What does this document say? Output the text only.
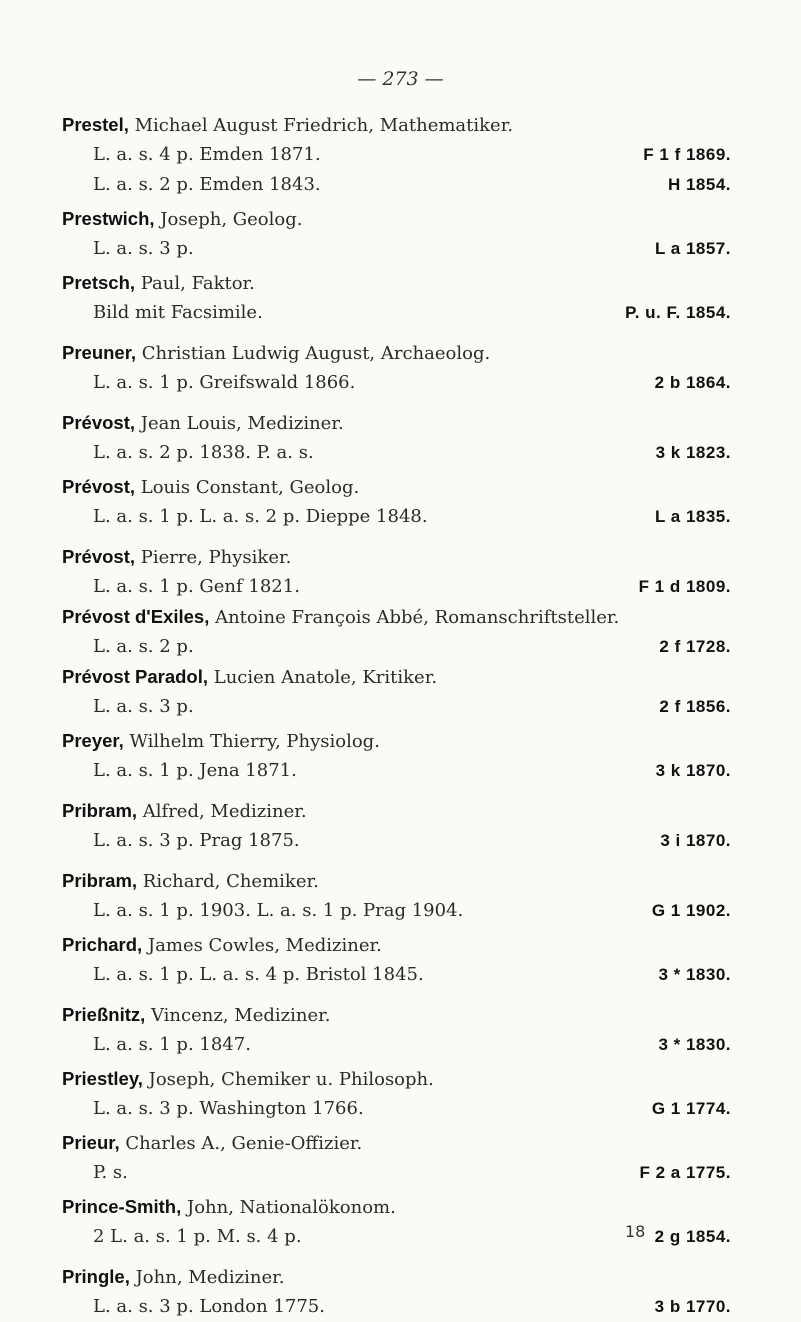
— 273 —
Prestel, Michael August Friedrich, Mathematiker.
L. a. s. 4 p. Emden 1871.	F 1 f 1869.
L. a. s. 2 p. Emden 1843.	H 1854.
Prestwich, Joseph, Geolog.
L. a. s. 3 p.	L a 1857.
Pretsch, Paul, Faktor.
Bild mit Facsimile.	P. u. F. 1854.
Preuner, Christian Ludwig August, Archaeolog.
L. a. s. 1 p. Greifswald 1866.	2 b 1864.
Prévost, Jean Louis, Mediziner.
L. a. s. 2 p. 1838. P. a. s.	3 k 1823.
Prévost, Louis Constant, Geolog.
L. a. s. 1 p. L. a. s. 2 p. Dieppe 1848.	L a 1835.
Prévost, Pierre, Physiker.
L. a. s. 1 p. Genf 1821.	F 1 d 1809.
Prévost d'Exiles, Antoine François Abbé, Romanschriftsteller.
L. a. s. 2 p.	2 f 1728.
Prévost Paradol, Lucien Anatole, Kritiker.
L. a. s. 3 p.	2 f 1856.
Preyer, Wilhelm Thierry, Physiolog.
L. a. s. 1 p. Jena 1871.	3 k 1870.
Pribram, Alfred, Mediziner.
L. a. s. 3 p. Prag 1875.	3 i 1870.
Pribram, Richard, Chemiker.
L. a. s. 1 p. 1903. L. a. s. 1 p. Prag 1904.	G 1 1902.
Prichard, James Cowles, Mediziner.
L. a. s. 1 p. L. a. s. 4 p. Bristol 1845.	3 * 1830.
Prießnitz, Vincenz, Mediziner.
L. a. s. 1 p. 1847.	3 * 1830.
Priestley, Joseph, Chemiker u. Philosoph.
L. a. s. 3 p. Washington 1766.	G 1 1774.
Prieur, Charles A., Genie-Offizier.
P. s.	F 2 a 1775.
Prince-Smith, John, Nationalökonom.
2 L. a. s. 1 p. M. s. 4 p.	2 g 1854.
Pringle, John, Mediziner.
L. a. s. 3 p. London 1775.	3 b 1770.
18
